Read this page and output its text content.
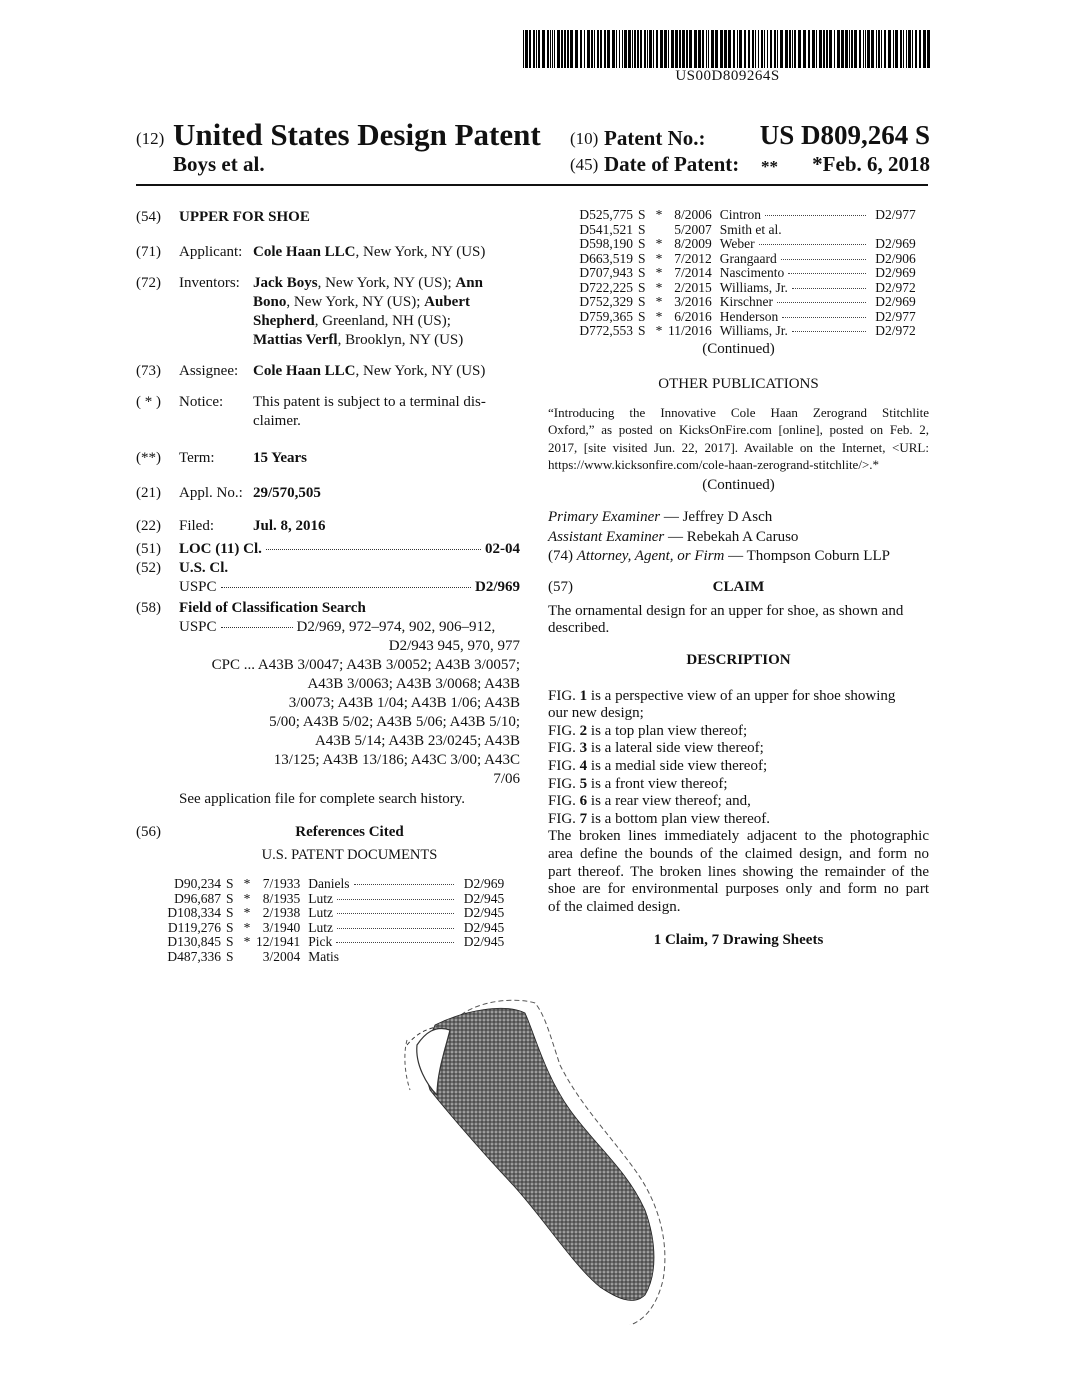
US00D809264S
(12) United States Design Patent
Boys et al.
(10) Patent No.:	US D809,264 S
(45) Date of Patent: **	*Feb. 6, 2018
(54)	UPPER FOR SHOE
(71)	Applicant: Cole Haan LLC, New York, NY (US)
(72)	Inventors: Jack Boys, New York, NY (US); Ann
Bono, New York, NY (US); Aubert
Shepherd, Greenland, NH (US);
Mattias Verfl, Brooklyn, NY (US)
(73)	Assignee: Cole Haan LLC, New York, NY (US)
( * )	Notice:	This patent is subject to a terminal dis-
claimer.
(**)	Term:	15 Years
(21)	Appl. No.: 29/570,505
(22)	Filed:	Jul. 8, 2016
(51)	LOC (11) Cl.	02-04
(52)	U.S. Cl.
USPC	D2/969
(58)	Field of Classification Search
USPC	D2/969, 972–974, 902, 906–912,
D2/943 945, 970, 977
CPC ... A43B 3/0047; A43B 3/0052; A43B 3/0057;
A43B 3/0063; A43B 3/0068; A43B
3/0073; A43B 1/04; A43B 1/06; A43B
5/00; A43B 5/02; A43B 5/06; A43B 5/10;
A43B 5/14; A43B 23/0245; A43B
13/125; A43B 13/186; A43C 3/00; A43C
7/06
See application file for complete search history.
(56)	References Cited
U.S. PATENT DOCUMENTS
D90,234	S	*	7/1933	Daniels	D2/969
D96,687	S	*	8/1935	Lutz	D2/945
D108,334	S	*	2/1938	Lutz	D2/945
D119,276	S	*	3/1940	Lutz	D2/945
D130,845	S	*	12/1941	Pick	D2/945
D487,336	S		3/2004	Matis	

D525,775	S	*	8/2006	Cintron	D2/977
D541,521	S		5/2007	Smith et al.	

D598,190	S	*	8/2009	Weber	D2/969
D663,519	S	*	7/2012	Grangaard	D2/906
D707,943	S	*	7/2014	Nascimento	D2/969
D722,225	S	*	2/2015	Williams, Jr.	D2/972
D752,329	S	*	3/2016	Kirschner	D2/969
D759,365	S	*	6/2016	Henderson	D2/977
D772,553	S	*	11/2016	Williams, Jr.	D2/972
(Continued)
OTHER PUBLICATIONS
“Introducing the Innovative Cole Haan Zerogrand Stitchlite
Oxford,” as posted on KicksOnFire.com [online], posted on Feb. 2,
2017, [site visited Jun. 22, 2017]. Available on the Internet, <URL:
https://www.kicksonfire.com/cole-haan-zerogrand-stitchlite/>.*
(Continued)
Primary Examiner — Jeffrey D Asch
Assistant Examiner — Rebekah A Caruso
(74) Attorney, Agent, or Firm — Thompson Coburn LLP
(57)	CLAIM
The ornamental design for an upper for shoe, as shown and
described.
DESCRIPTION
FIG. 1 is a perspective view of an upper for shoe showing
our new design;
FIG. 2 is a top plan view thereof;
FIG. 3 is a lateral side view thereof;
FIG. 4 is a medial side view thereof;
FIG. 5 is a front view thereof;
FIG. 6 is a rear view thereof; and,
FIG. 7 is a bottom plan view thereof.
The broken lines immediately adjacent to the photographic
area define the bounds of the claimed design, and form no
part thereof. The broken lines showing the remainder of the
shoe are for environmental purposes only and form no part
of the claimed design.
1 Claim, 7 Drawing Sheets
